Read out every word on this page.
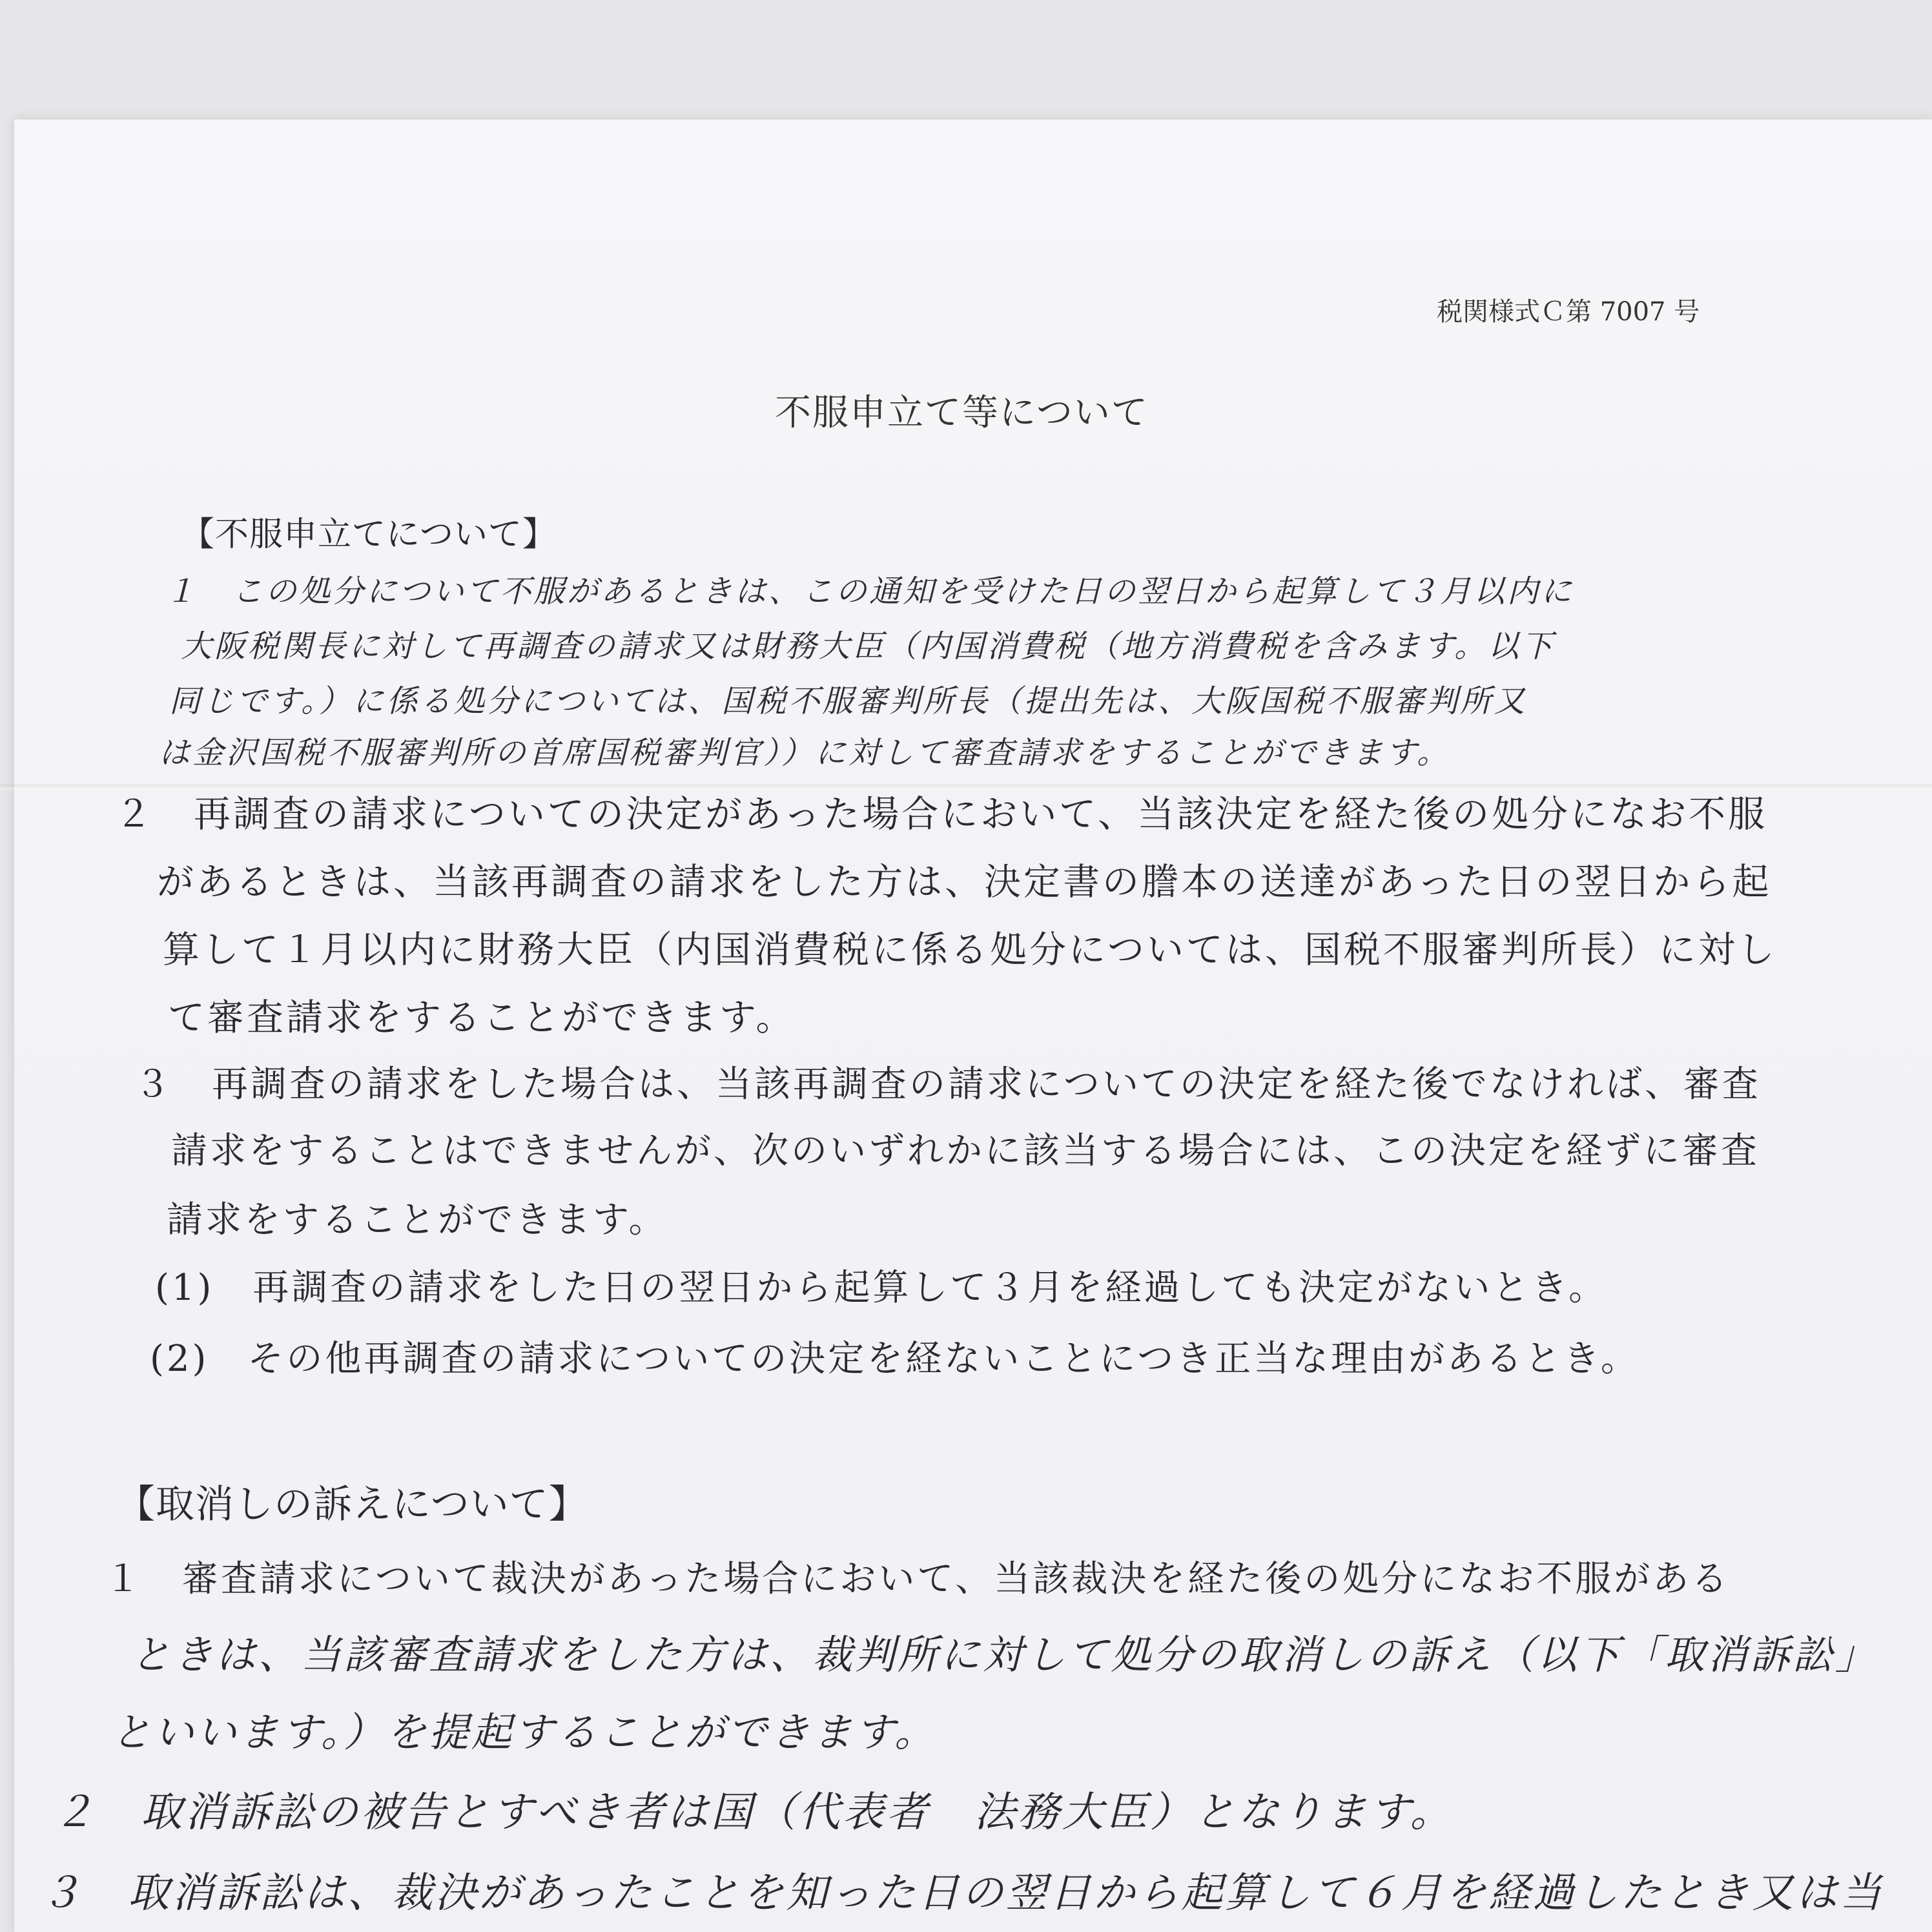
税関様式Ｃ第 7007 号
不服申立て等について
【不服申立てについて】
１　この処分について不服があるときは、この通知を受けた日の翌日から起算して３月以内に
大阪税関長に対して再調査の請求又は財務大臣（内国消費税（地方消費税を含みます。以下
同じです。）に係る処分については、国税不服審判所長（提出先は、大阪国税不服審判所又
は金沢国税不服審判所の首席国税審判官））に対して審査請求をすることができます。
２　再調査の請求についての決定があった場合において、当該決定を経た後の処分になお不服
があるときは、当該再調査の請求をした方は、決定書の謄本の送達があった日の翌日から起
算して１月以内に財務大臣（内国消費税に係る処分については、国税不服審判所長）に対し
て審査請求をすることができます。
３　再調査の請求をした場合は、当該再調査の請求についての決定を経た後でなければ、審査
請求をすることはできませんが、次のいずれかに該当する場合には、この決定を経ずに審査
請求をすることができます。
(1)　再調査の請求をした日の翌日から起算して３月を経過しても決定がないとき。
(2)　その他再調査の請求についての決定を経ないことにつき正当な理由があるとき。
【取消しの訴えについて】
１　審査請求について裁決があった場合において、当該裁決を経た後の処分になお不服がある
ときは、当該審査請求をした方は、裁判所に対して処分の取消しの訴え（以下「取消訴訟」
といいます。）を提起することができます。
２　取消訴訟の被告とすべき者は国（代表者　法務大臣）となります。
３　取消訴訟は、裁決があったことを知った日の翌日から起算して６月を経過したとき又は当
